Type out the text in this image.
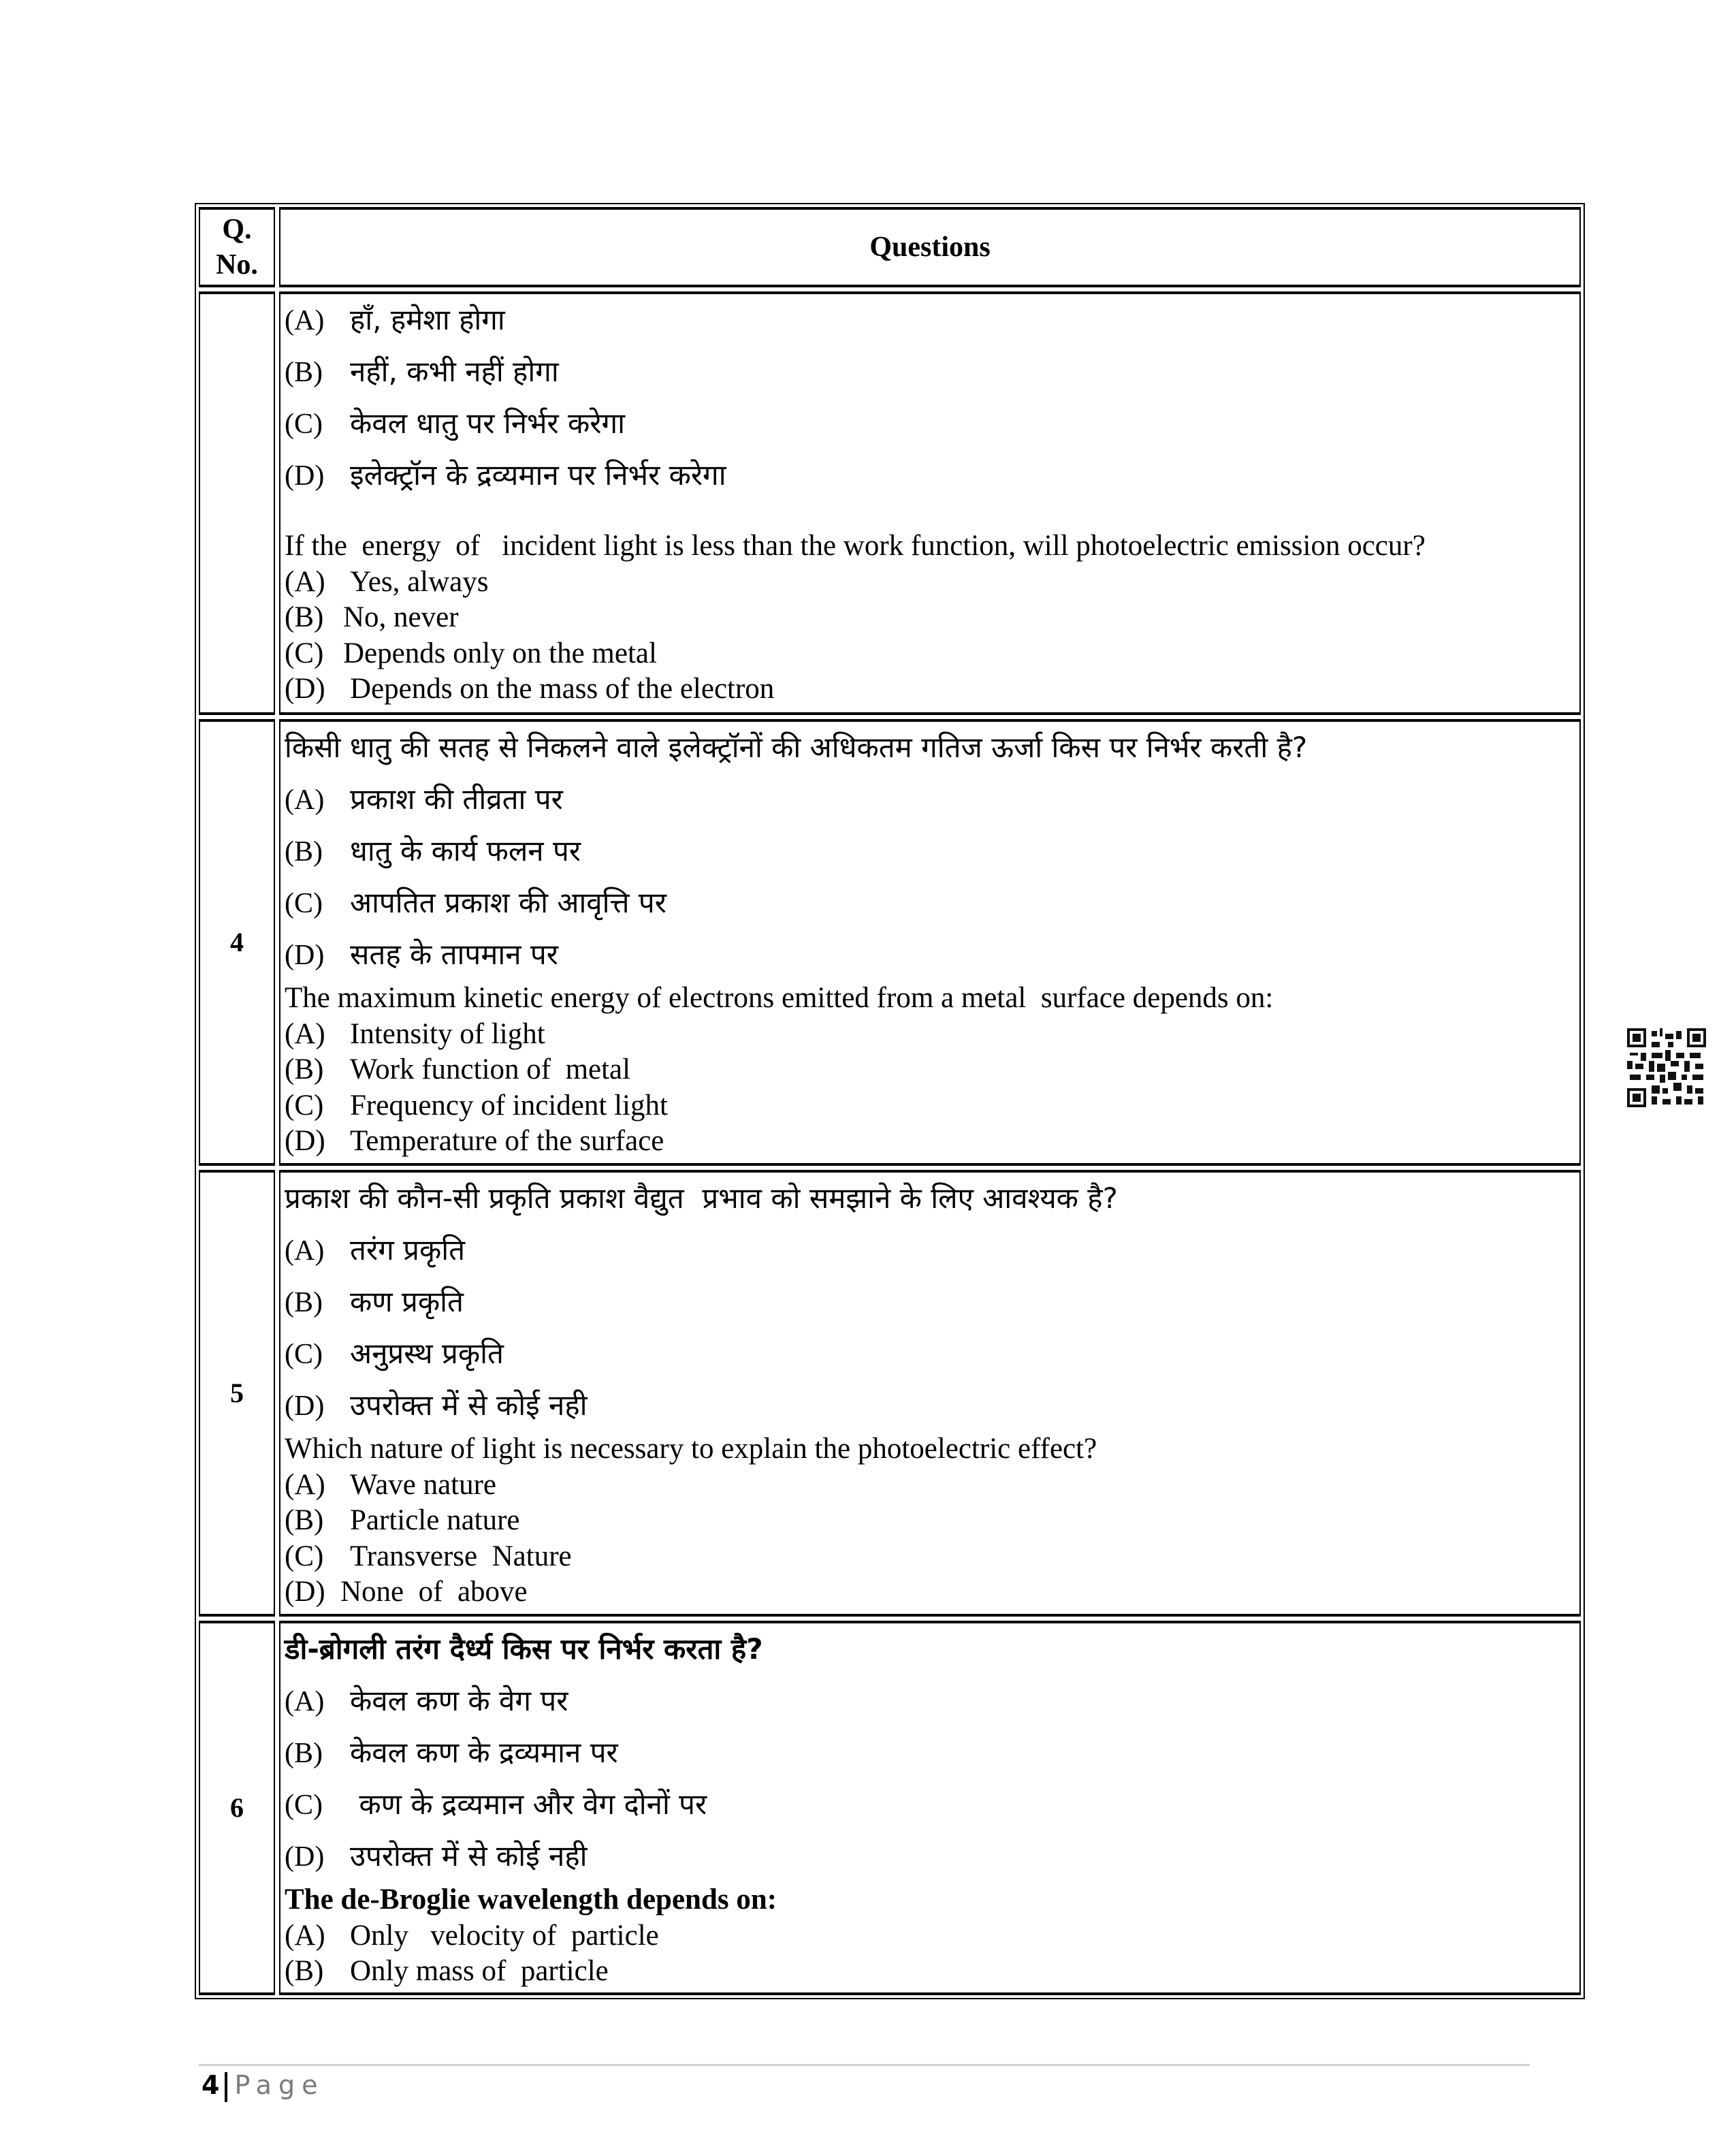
Q. No.
Questions
(A) हाँ, हमेशा होगा
(B) नहीं, कभी नहीं होगा
(C) केवल धातु पर निर्भर करेगा
(D) इलेक्ट्रॉन के द्रव्यमान पर निर्भर करेगा
If the  energy  of   incident light is less than the work function, will photoelectric emission occur?
(A) Yes, always
(B) No, never
(C) Depends only on the metal
(D) Depends on the mass of the electron
4
किसी धातु की सतह से निकलने वाले इलेक्ट्रॉनों की अधिकतम गतिज ऊर्जा किस पर निर्भर करती है?
(A) प्रकाश की तीव्रता पर
(B) धातु के कार्य फलन पर
(C) आपतित प्रकाश की आवृत्ति पर
(D) सतह के तापमान पर
The maximum kinetic energy of electrons emitted from a metal  surface depends on:
(A) Intensity of light
(B) Work function of  metal
(C) Frequency of incident light
(D) Temperature of the surface
5
प्रकाश की कौन-सी प्रकृति प्रकाश वैद्युत  प्रभाव को समझाने के लिए आवश्यक है?
(A) तरंग प्रकृति
(B) कण प्रकृति
(C) अनुप्रस्थ प्रकृति
(D) उपरोक्त में से कोई नही
Which nature of light is necessary to explain the photoelectric effect?
(A) Wave nature
(B) Particle nature
(C) Transverse  Nature
(D) None  of  above
6
डी-ब्रोगली तरंग दैर्ध्य किस पर निर्भर करता है?
(A) केवल कण के वेग पर
(B) केवल कण के द्रव्यमान पर
(C) कण के द्रव्यमान और वेग दोनों पर
(D) उपरोक्त में से कोई नही
The de-Broglie wavelength depends on:
(A) Only   velocity of  particle
(B) Only mass of  particle
4 Page
